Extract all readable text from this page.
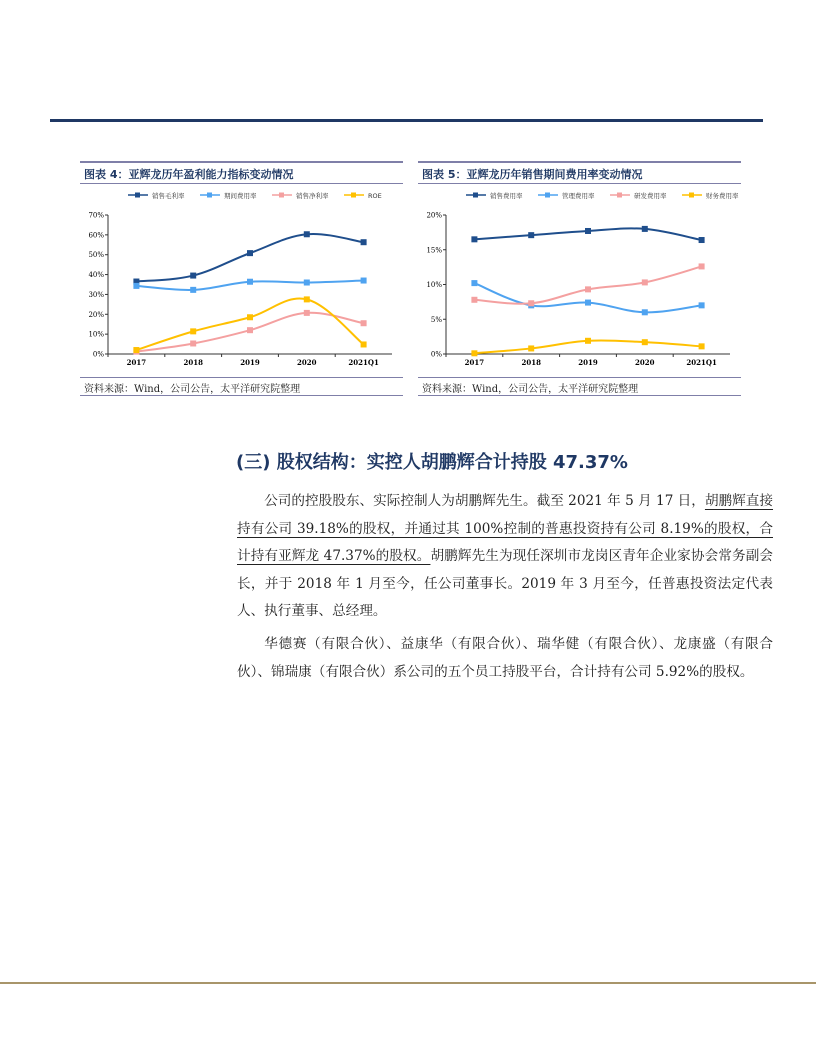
图表 4：亚辉龙历年盈利能力指标变动情况
销售毛利率	期间费用率	销售净利率	ROE
0%
10%
20%
30%
40%
50%
60%
70%
2017	2018	2019	2020	2021Q1
资料来源：Wind，公司公告，太平洋研究院整理
图表 5：亚辉龙历年销售期间费用率变动情况
销售费用率	管理费用率	研发费用率	财务费用率
0%
5%
10%
15%
20%
2017	2018	2019	2020	2021Q1
资料来源：Wind，公司公告，太平洋研究院整理
(三) 股权结构：实控人胡鹏辉合计持股 47.37%
公司的控股股东、实际控制人为胡鹏辉先生。截至 2021 年 5 月 17 日，胡鹏辉直接持有公司 39.18%的股权，并通过其 100%控制的普惠投资持有公司 8.19%的股权，合计持有亚辉龙 47.37%的股权。胡鹏辉先生为现任深圳市龙岗区青年企业家协会常务副会长，并于 2018 年 1 月至今，任公司董事长。2019 年 3 月至今，任普惠投资法定代表人、执行董事、总经理。
华德赛（有限合伙）、益康华（有限合伙）、瑞华健（有限合伙）、龙康盛（有限合伙）、锦瑞康（有限合伙）系公司的五个员工持股平台，合计持有公司 5.92%的股权。
